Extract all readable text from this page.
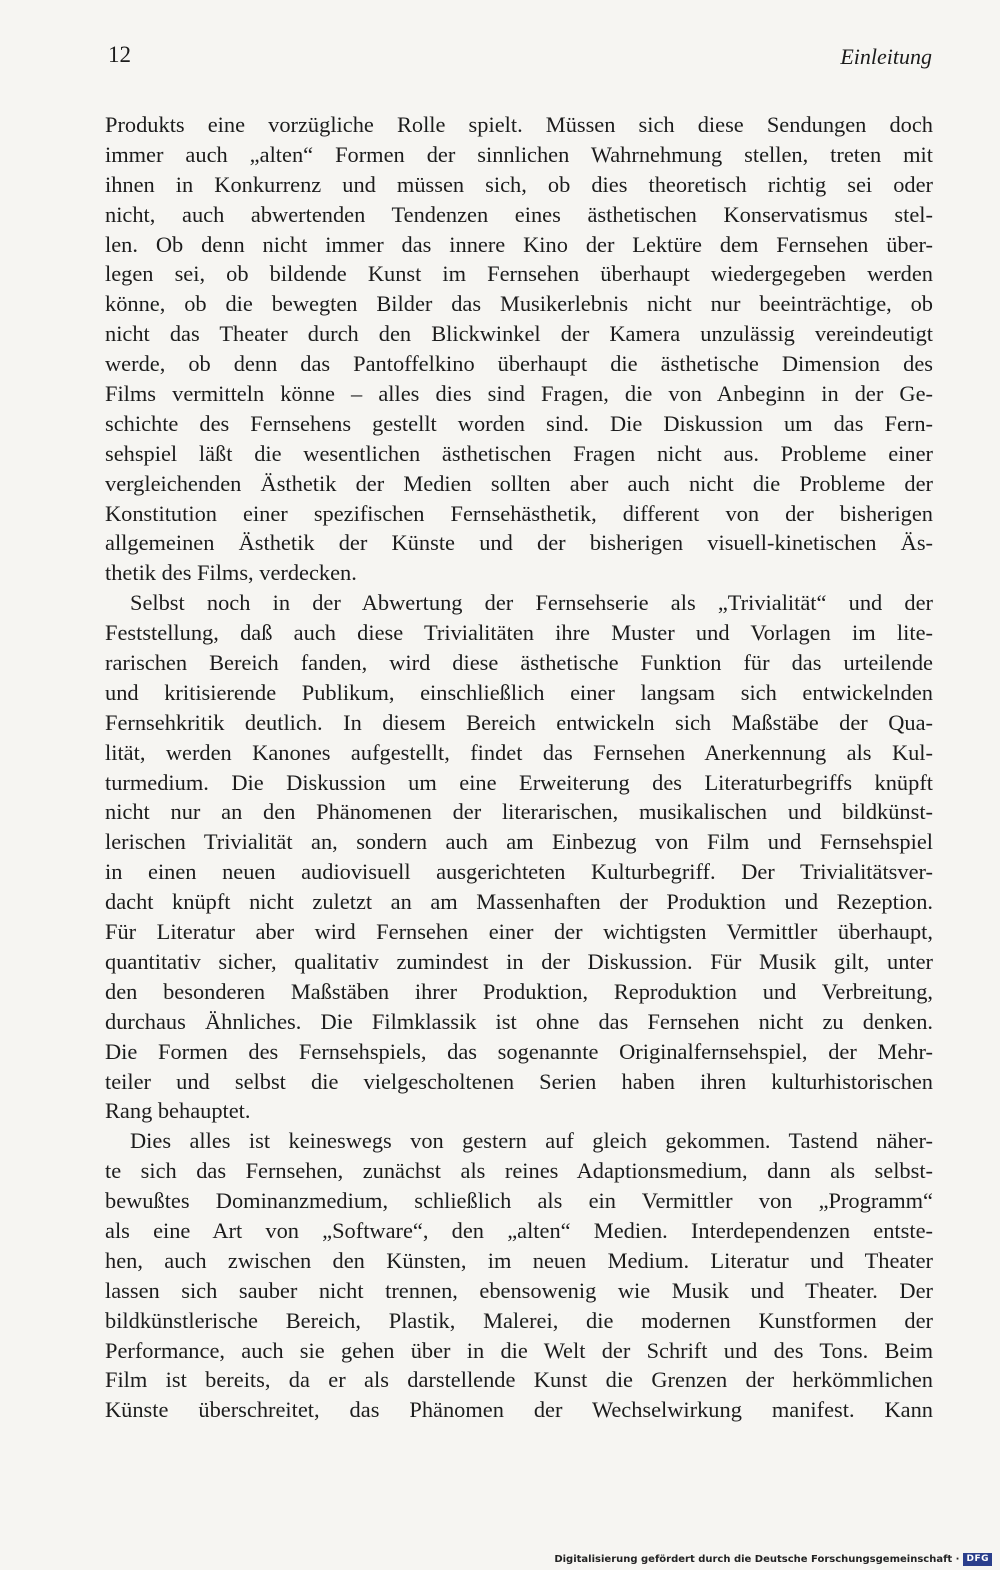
12	Einleitung
Produkts eine vorzügliche Rolle spielt. Müssen sich diese Sendungen doch
immer auch „alten“ Formen der sinnlichen Wahrnehmung stellen, treten mit
ihnen in Konkurrenz und müssen sich, ob dies theoretisch richtig sei oder
nicht, auch abwertenden Tendenzen eines ästhetischen Konservatismus stel-
len. Ob denn nicht immer das innere Kino der Lektüre dem Fernsehen über-
legen sei, ob bildende Kunst im Fernsehen überhaupt wiedergegeben werden
könne, ob die bewegten Bilder das Musikerlebnis nicht nur beeinträchtige, ob
nicht das Theater durch den Blickwinkel der Kamera unzulässig vereindeutigt
werde, ob denn das Pantoffelkino überhaupt die ästhetische Dimension des
Films vermitteln könne – alles dies sind Fragen, die von Anbeginn in der Ge-
schichte des Fernsehens gestellt worden sind. Die Diskussion um das Fern-
sehspiel läßt die wesentlichen ästhetischen Fragen nicht aus. Probleme einer
vergleichenden Ästhetik der Medien sollten aber auch nicht die Probleme der
Konstitution einer spezifischen Fernsehästhetik, different von der bisherigen
allgemeinen Ästhetik der Künste und der bisherigen visuell-kinetischen Äs-
thetik des Films, verdecken.
Selbst noch in der Abwertung der Fernsehserie als „Trivialität“ und der
Feststellung, daß auch diese Trivialitäten ihre Muster und Vorlagen im lite-
rarischen Bereich fanden, wird diese ästhetische Funktion für das urteilende
und kritisierende Publikum, einschließlich einer langsam sich entwickelnden
Fernsehkritik deutlich. In diesem Bereich entwickeln sich Maßstäbe der Qua-
lität, werden Kanones aufgestellt, findet das Fernsehen Anerkennung als Kul-
turmedium. Die Diskussion um eine Erweiterung des Literaturbegriffs knüpft
nicht nur an den Phänomenen der literarischen, musikalischen und bildkünst-
lerischen Trivialität an, sondern auch am Einbezug von Film und Fernsehspiel
in einen neuen audiovisuell ausgerichteten Kulturbegriff. Der Trivialitätsver-
dacht knüpft nicht zuletzt an am Massenhaften der Produktion und Rezeption.
Für Literatur aber wird Fernsehen einer der wichtigsten Vermittler überhaupt,
quantitativ sicher, qualitativ zumindest in der Diskussion. Für Musik gilt, unter
den besonderen Maßstäben ihrer Produktion, Reproduktion und Verbreitung,
durchaus Ähnliches. Die Filmklassik ist ohne das Fernsehen nicht zu denken.
Die Formen des Fernsehspiels, das sogenannte Originalfernsehspiel, der Mehr-
teiler und selbst die vielgescholtenen Serien haben ihren kulturhistorischen
Rang behauptet.
Dies alles ist keineswegs von gestern auf gleich gekommen. Tastend näher-
te sich das Fernsehen, zunächst als reines Adaptionsmedium, dann als selbst-
bewußtes Dominanzmedium, schließlich als ein Vermittler von „Programm“
als eine Art von „Software“, den „alten“ Medien. Interdependenzen entste-
hen, auch zwischen den Künsten, im neuen Medium. Literatur und Theater
lassen sich sauber nicht trennen, ebensowenig wie Musik und Theater. Der
bildkünstlerische Bereich, Plastik, Malerei, die modernen Kunstformen der
Performance, auch sie gehen über in die Welt der Schrift und des Tons. Beim
Film ist bereits, da er als darstellende Kunst die Grenzen der herkömmlichen
Künste überschreitet, das Phänomen der Wechselwirkung manifest. Kann
Digitalisierung gefördert durch die Deutsche Forschungsgemeinschaft · DFG
